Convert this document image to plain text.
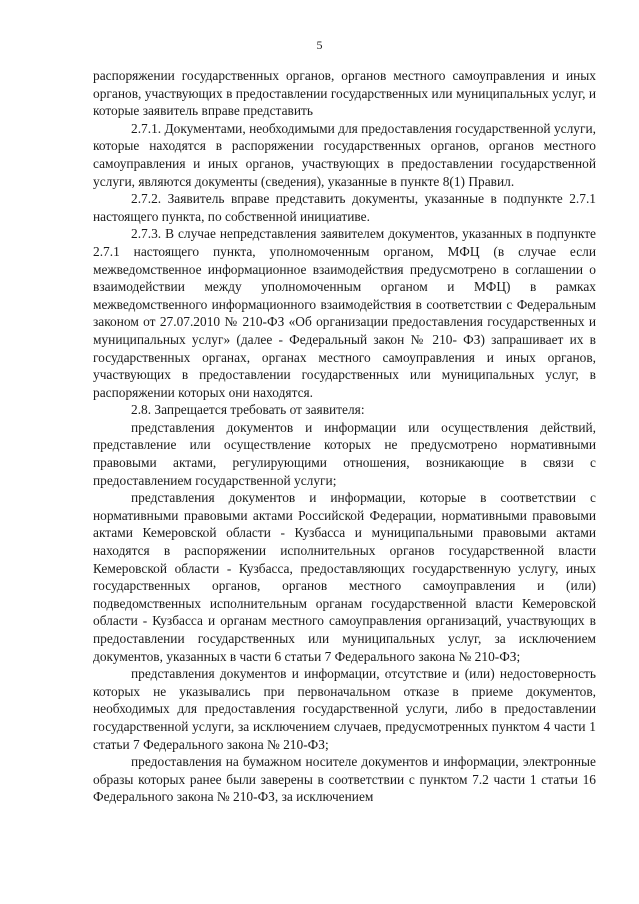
5

распоряжении государственных органов, органов местного самоуправления и иных органов, участвующих в предоставлении государственных или муниципальных услуг, и которые заявитель вправе представить

2.7.1. Документами, необходимыми для предоставления государственной услуги, которые находятся в распоряжении государственных органов, органов местного самоуправления и иных органов, участвующих в предоставлении государственной услуги, являются документы (сведения), указанные в пункте 8(1) Правил.

2.7.2. Заявитель вправе представить документы, указанные в подпункте 2.7.1 настоящего пункта, по собственной инициативе.

2.7.3. В случае непредставления заявителем документов, указанных в подпункте 2.7.1 настоящего пункта, уполномоченным органом, МФЦ (в случае если межведомственное информационное взаимодействия предусмотрено в соглашении о взаимодействии между уполномоченным органом и МФЦ) в рамках межведомственного информационного взаимодействия в соответствии с Федеральным законом от 27.07.2010 № 210-ФЗ «Об организации предоставления государственных и муниципальных услуг» (далее - Федеральный закон № 210- ФЗ) запрашивает их в государственных органах, органах местного самоуправления и иных органов, участвующих в предоставлении государственных или муниципальных услуг, в распоряжении которых они находятся.

2.8. Запрещается требовать от заявителя:

представления документов и информации или осуществления действий, представление или осуществление которых не предусмотрено нормативными правовыми актами, регулирующими отношения, возникающие в связи с предоставлением государственной услуги;

представления документов и информации, которые в соответствии с нормативными правовыми актами Российской Федерации, нормативными правовыми актами Кемеровской области - Кузбасса и муниципальными правовыми актами находятся в распоряжении исполнительных органов государственной власти Кемеровской области - Кузбасса, предоставляющих государственную услугу, иных государственных органов, органов местного самоуправления и (или) подведомственных исполнительным органам государственной власти Кемеровской области - Кузбасса и органам местного самоуправления организаций, участвующих в предоставлении государственных или муниципальных услуг, за исключением документов, указанных в части 6 статьи 7 Федерального закона № 210-ФЗ;

представления документов и информации, отсутствие и (или) недостоверность которых не указывались при первоначальном отказе в приеме документов, необходимых для предоставления государственной услуги, либо в предоставлении государственной услуги, за исключением случаев, предусмотренных пунктом 4 части 1 статьи 7 Федерального закона № 210-ФЗ;

предоставления на бумажном носителе документов и информации, электронные образы которых ранее были заверены в соответствии с пунктом 7.2 части 1 статьи 16 Федерального закона № 210-ФЗ, за исключением
